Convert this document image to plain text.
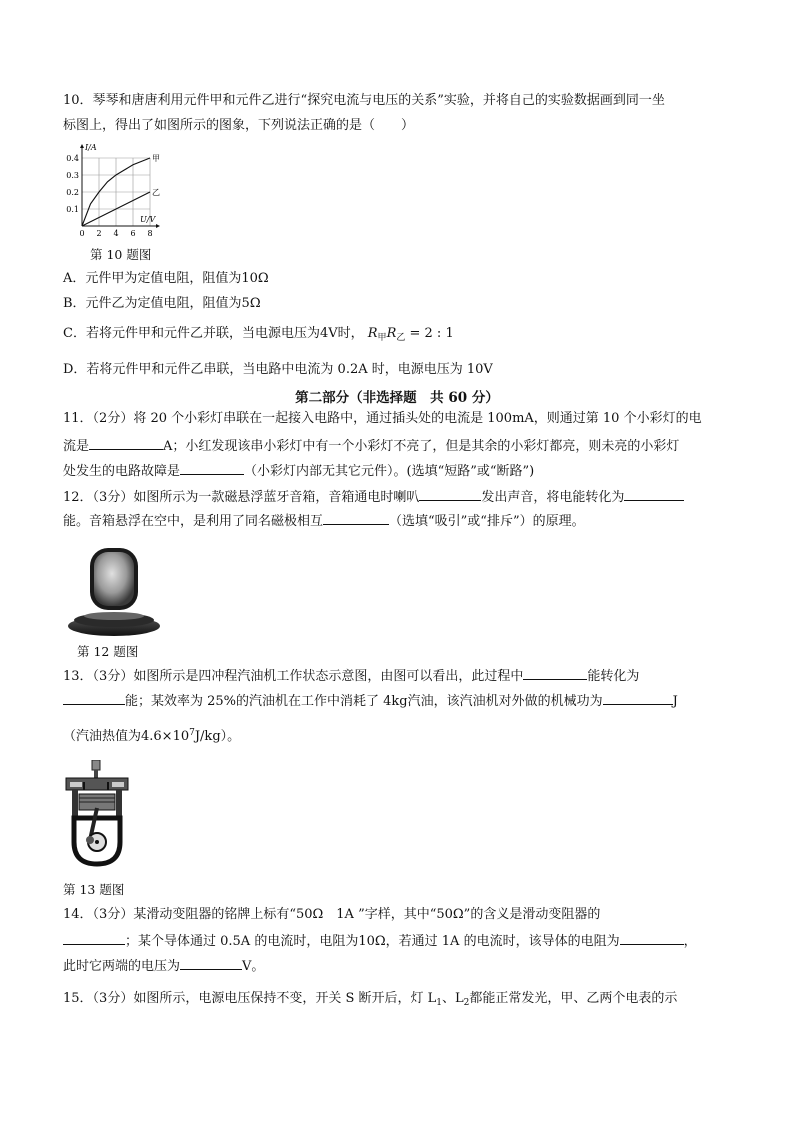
10．琴琴和唐唐利用元件甲和元件乙进行“探究电流与电压的关系”实验，并将自己的实验数据画到同一坐
标图上，得出了如图所示的图象，下列说法正确的是（　　）
0 2 4 6 8
0.1
0.2
0.3
0.4
I/A
U/V
甲
乙
第 10 题图
A．元件甲为定值电阻，阻值为10Ω
B．元件乙为定值电阻，阻值为5Ω
C．若将元件甲和元件乙并联，当电源电压为4V时， $R_甲R_乙 = 2$ : 1
D．若将元件甲和元件乙串联，当电路中电流为 0.2A 时，电源电压为 10V
第二部分（非选择题　共 60 分）
11．（2分）将 20 个小彩灯串联在一起接入电路中，通过插头处的电流是 100mA，则通过第 10 个小彩灯的电
流是	A；小红发现该串小彩灯中有一个小彩灯不亮了，但是其余的小彩灯都亮，则未亮的小彩灯
处发生的电路故障是	（小彩灯内部无其它元件）。(选填“短路”或“断路”)
12．（3分）如图所示为一款磁悬浮蓝牙音箱，音箱通电时喇叭	发出声音，将电能转化为
能。音箱悬浮在空中，是利用了同名磁极相互	（选填“吸引”或“排斥”）的原理。
第 12 题图
13．（3分）如图所示是四冲程汽油机工作状态示意图，由图可以看出，此过程中	能转化为
能；某效率为 25%的汽油机在工作中消耗了 4kg汽油，该汽油机对外做的机械功为	J
（汽油热值为$4.6\times 10^7J/kg$）。
第 13 题图
14．（3分）某滑动变阻器的铭牌上标有“50Ω　1A ”字样，其中“50Ω”的含义是滑动变阻器的
；某个导体通过 0.5A 的电流时，电阻为10Ω，若通过 1A 的电流时，该导体的电阻为	，
此时它两端的电压为	V。
15．（3分）如图所示，电源电压保持不变，开关 S 断开后，灯 $L_1$、$L_2$都能正常发光，甲、乙两个电表的示
